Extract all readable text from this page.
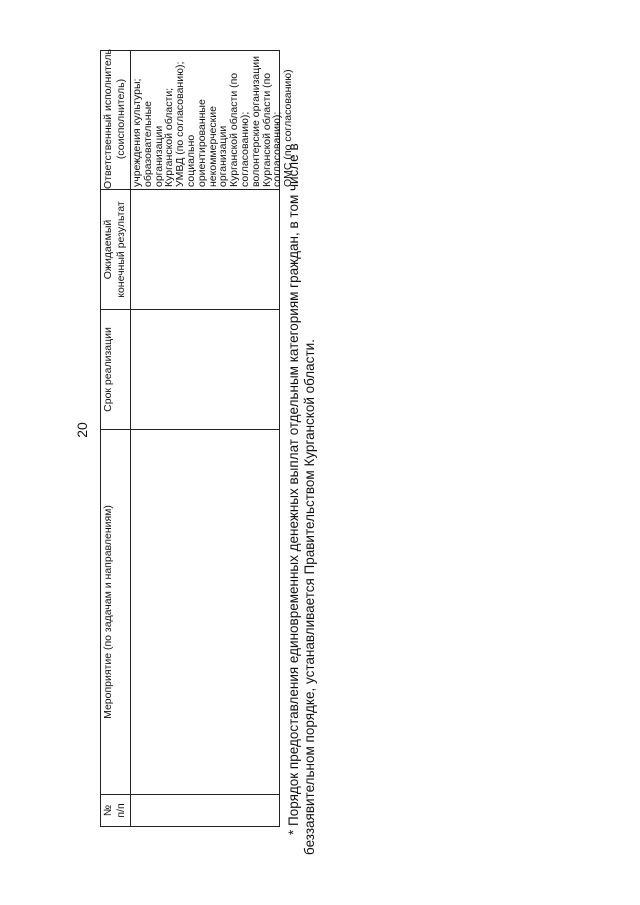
20
№
п/п
Мероприятие (по задачам и направлениям)
Срок реализации
Ожидаемый
конечный результат
Ответственный исполнитель
(соисполнитель) учреждения культуры;
образовательные организации
Курганской области;
УМВД (по согласованию);
социально ориентированные
некоммерческие организации
Курганской области (по
согласованию);
волонтерские организации
Курганской области (по
согласованию);
ОМС (по согласованию)
* Порядок предоставления единовременных денежных выплат отдельным категориям граждан, в том числе в беззаявительном порядке, устанавливается Правительством Курганской области.
